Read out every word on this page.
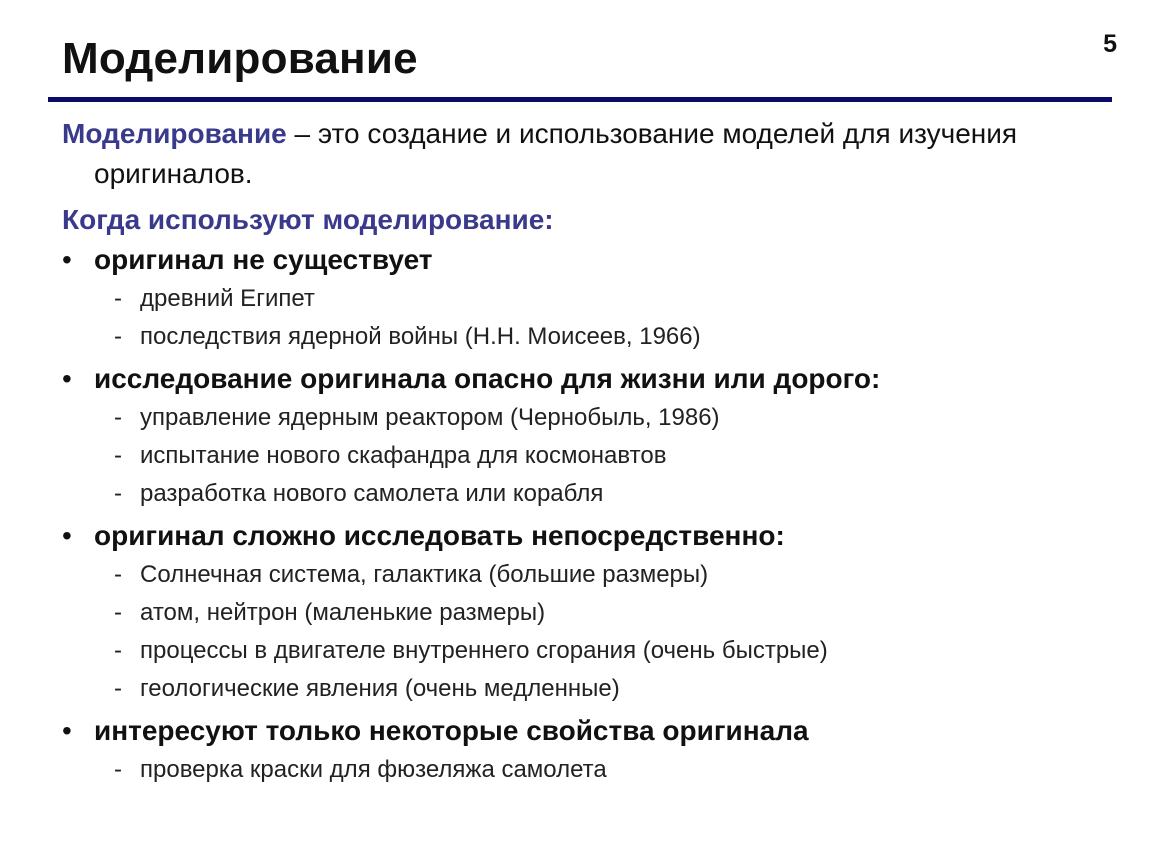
Моделирование	5

Моделирование – это создание и использование моделей для изучения оригиналов.

Когда используют моделирование:
• оригинал не существует
- древний Египет
- последствия ядерной войны (Н.Н. Моисеев, 1966)
• исследование оригинала опасно для жизни или дорого:
- управление ядерным реактором (Чернобыль, 1986)
- испытание нового скафандра для космонавтов
- разработка нового самолета или корабля
• оригинал сложно исследовать непосредственно:
- Солнечная система, галактика (большие размеры)
- атом, нейтрон (маленькие размеры)
- процессы в двигателе внутреннего сгорания (очень быстрые)
- геологические явления (очень медленные)
• интересуют только некоторые свойства оригинала
- проверка краски для фюзеляжа самолета
